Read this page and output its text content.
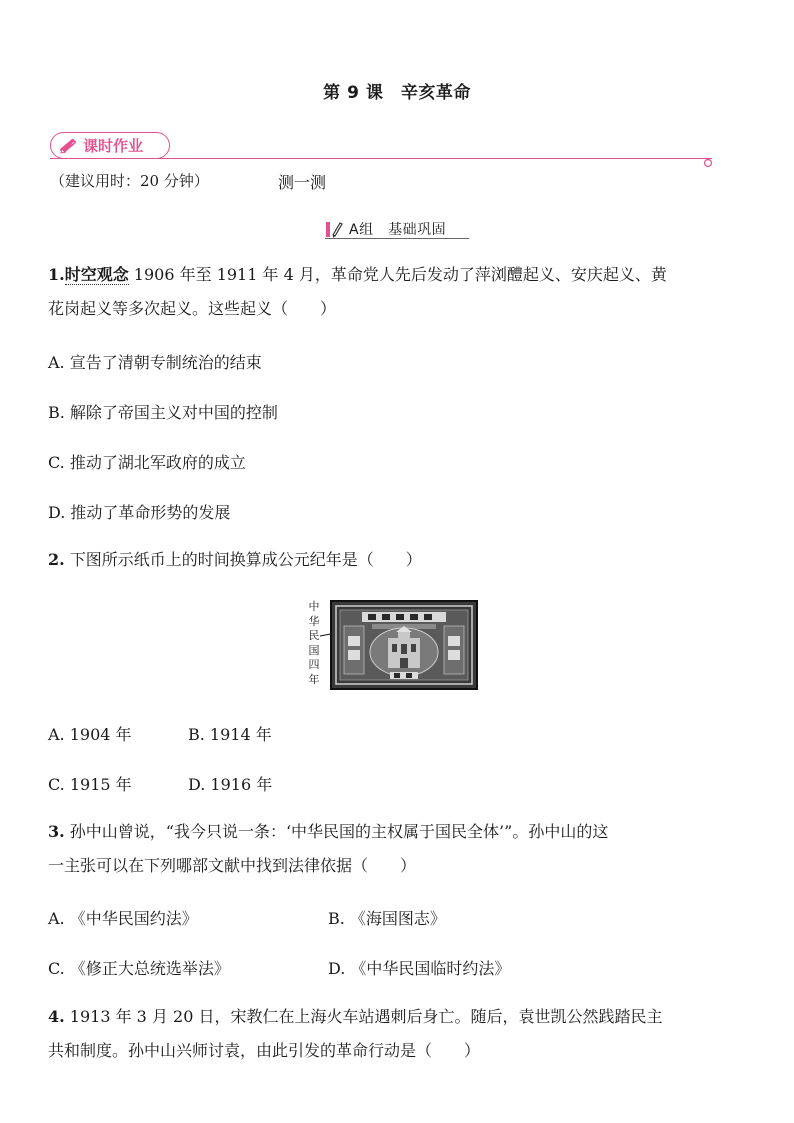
第 9 课　辛亥革命
课时作业
（建议用时：20 分钟）	测一测
A组　基础巩固
1.时空观念 1906 年至 1911 年 4 月，革命党人先后发动了萍浏醴起义、安庆起义、黄
花岗起义等多次起义。这些起义（　　）
A. 宣告了清朝专制统治的结束
B. 解除了帝国主义对中国的控制
C. 推动了湖北军政府的成立
D. 推动了革命形势的发展
2. 下图所示纸币上的时间换算成公元纪年是（　　）
中
华
民
国
四
年
A. 1904 年	B. 1914 年
C. 1915 年	D. 1916 年
3. 孙中山曾说，“我今只说一条：‘中华民国的主权属于国民全体’”。孙中山的这
一主张可以在下列哪部文献中找到法律依据（　　）
A. 《中华民国约法》	B. 《海国图志》
C. 《修正大总统选举法》	D. 《中华民国临时约法》
4. 1913 年 3 月 20 日，宋教仁在上海火车站遇刺后身亡。随后，袁世凯公然践踏民主
共和制度。孙中山兴师讨袁，由此引发的革命行动是（　　）
